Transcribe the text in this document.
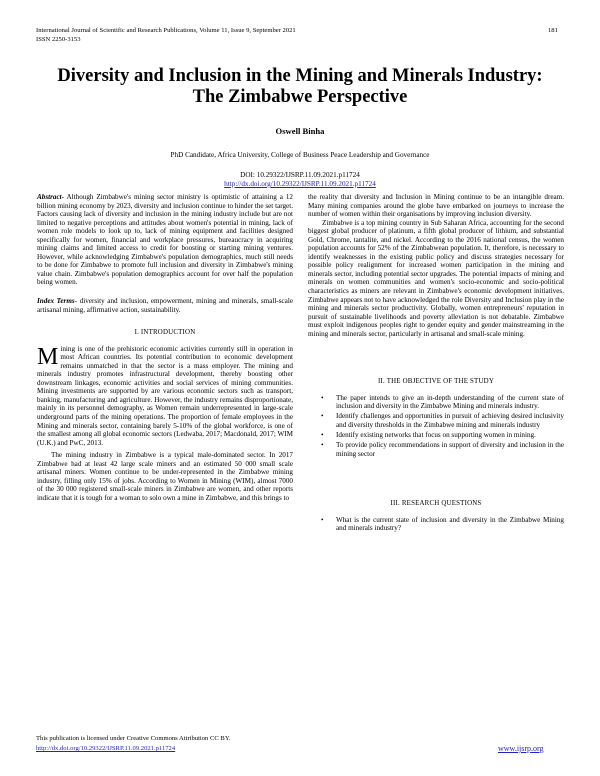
International Journal of Scientific and Research Publications, Volume 11, Issue 9, September 2021
ISSN 2250-3153
181
Diversity and Inclusion in the Mining and Minerals Industry: The Zimbabwe Perspective
Oswell Binha
PhD Candidate, Africa University, College of Business Peace Leadership and Governance
DOI: 10.29322/IJSRP.11.09.2021.p11724
http://dx.doi.org/10.29322/IJSRP.11.09.2021.p11724

Abstract- Although Zimbabwe's mining sector ministry is optimistic of attaining a 12 billion mining economy by 2023, diversity and inclusion continue to hinder the set target. Factors causing lack of diversity and inclusion in the mining industry include but are not limited to negative perceptions and attitudes about women's potential in mining, lack of women role models to look up to, lack of mining equipment and facilities designed specifically for women, financial and workplace pressures, bureaucracy in acquiring mining claims and limited access to credit for boosting or starting mining ventures. However, while acknowledging Zimbabwe's population demographics, much still needs to be done for Zimbabwe to promote full inclusion and diversity in Zimbabwe's mining value chain. Zimbabwe's population demographics account for over half the population being women.

Index Terms- diversity and inclusion, empowerment, mining and minerals, small-scale artisanal mining, affirmative action, sustainability.

I. INTRODUCTION

Mining is one of the prehistoric economic activities currently still in operation in most African countries. Its potential contribution to economic development remains unmatched in that the sector is a mass employer. The mining and minerals industry promotes infrastructural development, thereby boosting other downstream linkages, economic activities and social services of mining communities. Mining investments are supported by are various economic sectors such as transport, banking, manufacturing and agriculture. However, the industry remains disproportionate, mainly in its personnel demography, as Women remain underrepresented in large-scale underground parts of the mining operations. The proportion of female employees in the Mining and minerals sector, containing barely 5-10% of the global workforce, is one of the smallest among all global economic sectors (Ledwaba, 2017; Macdonald, 2017; WIM (U.K.) and PwC, 2013.

The mining industry in Zimbabwe is a typical male-dominated sector. In 2017 Zimbabwe had at least 42 large scale miners and an estimated 50 000 small scale artisanal miners. Women continue to be under-represented in the Zimbabwe mining industry, filling only 15% of jobs. According to Women in Mining (WIM), almost 7000 of the 30 000 registered small-scale miners in Zimbabwe are women, and other reports indicate that it is tough for a woman to solo own a mine in Zimbabwe, and this brings to

the reality that diversity and Inclusion in Mining continue to be an intangible dream. Many mining companies around the globe have embarked on journeys to increase the number of women within their organisations by improving inclusion diversity.

Zimbabwe is a top mining country in Sub Saharan Africa, accounting for the second biggest global producer of platinum, a fifth global producer of lithium, and substantial Gold, Chrome, tantalite, and nickel. According to the 2016 national census, the women population accounts for 52% of the Zimbabwean population. It, therefore, is necessary to identify weaknesses in the existing public policy and discuss strategies necessary for possible policy realignment for increased women participation in the mining and minerals sector, including potential sector upgrades. The potential impacts of mining and minerals on women communities and women's socio-economic and socio-political characteristics as miners are relevant in Zimbabwe's economic development initiatives. Zimbabwe appears not to have acknowledged the role Diversity and Inclusion play in the mining and minerals sector productivity. Globally, women entrepreneurs' reputation in pursuit of sustainable livelihoods and poverty alleviation is not debatable. Zimbabwe must exploit indigenous peoples right to gender equity and gender mainstreaming in the mining and minerals sector, particularly in artisanal and small-scale mining.

II. THE OBJECTIVE OF THE STUDY
• The paper intends to give an in-depth understanding of the current state of inclusion and diversity in the Zimbabwe Mining and minerals industry.
• Identify challenges and opportunities in pursuit of achieving desired inclusivity and diversity thresholds in the Zimbabwe mining and minerals industry
• Identify existing networks that focus on supporting women in mining.
• To provide policy recommendations in support of diversity and inclusion in the mining sector
III. RESEARCH QUESTIONS
• What is the current state of inclusion and diversity in the Zimbabwe Mining and minerals industry?
This publication is licensed under Creative Commons Attribution CC BY.
http://dx.doi.org/10.29322/IJSRP.11.09.2021.p11724	www.ijsrp.org
